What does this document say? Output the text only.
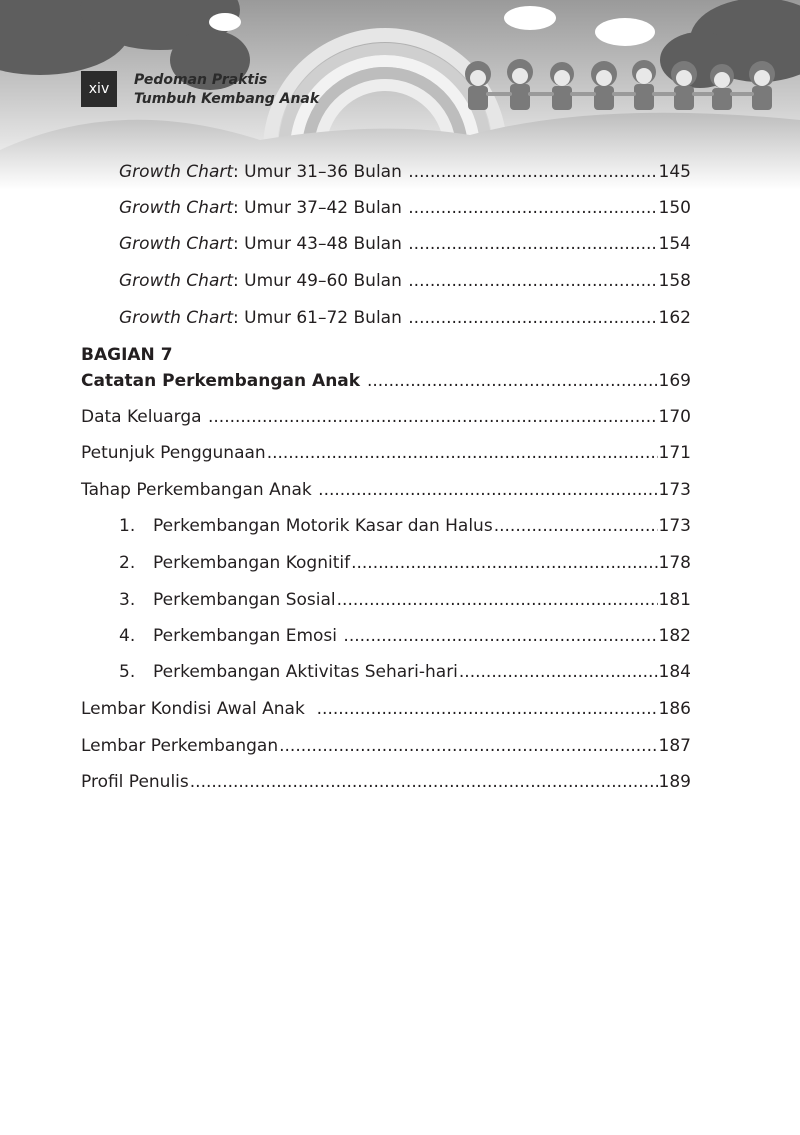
xiv
Pedoman Praktis
Tumbuh Kembang Anak
Growth Chart: Umur 31–36 Bulan .....	145
Growth Chart: Umur 37–42 Bulan .....	150
Growth Chart: Umur 43–48 Bulan .....	154
Growth Chart: Umur 49–60 Bulan .....	158
Growth Chart: Umur 61–72 Bulan .....	162
BAGIAN 7
Catatan Perkembangan Anak .....	169
Data Keluarga .....	170
Petunjuk Penggunaan .....	171
Tahap Perkembangan Anak .....	173
1.	Perkembangan Motorik Kasar dan Halus .....	173
2.	Perkembangan Kognitif .....	178
3.	Perkembangan Sosial .....	181
4.	Perkembangan Emosi .....	182
5.	Perkembangan Aktivitas Sehari-hari .....	184
Lembar Kondisi Awal Anak .....	186
Lembar Perkembangan .....	187
Profil Penulis .....	189
